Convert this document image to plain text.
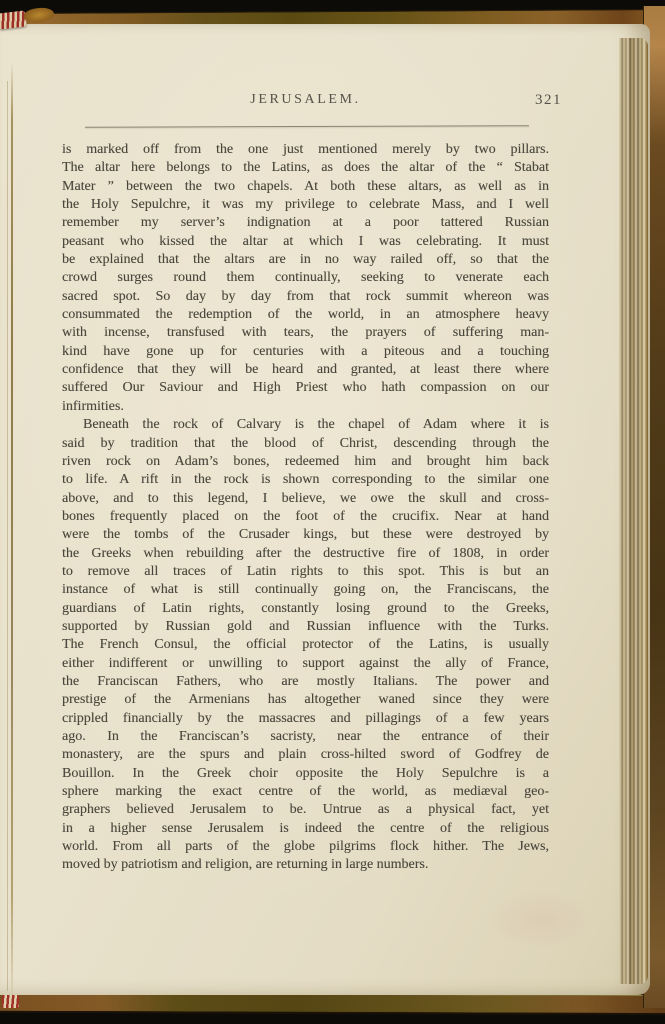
JERUSALEM.	321
is marked off from the one just mentioned merely by two pillars.
The altar here belongs to the Latins, as does the altar of the “ Stabat
Mater ” between the two chapels. At both these altars, as well as in
the Holy Sepulchre, it was my privilege to celebrate Mass, and I well
remember my server’s indignation at a poor tattered Russian
peasant who kissed the altar at which I was celebrating. It must
be explained that the altars are in no way railed off, so that the
crowd surges round them continually, seeking to venerate each
sacred spot. So day by day from that rock summit whereon was
consummated the redemption of the world, in an atmosphere heavy
with incense, transfused with tears, the prayers of suffering man-
kind have gone up for centuries with a piteous and a touching
confidence that they will be heard and granted, at least there where
suffered Our Saviour and High Priest who hath compassion on our
infirmities.
Beneath the rock of Calvary is the chapel of Adam where it is
said by tradition that the blood of Christ, descending through the
riven rock on Adam’s bones, redeemed him and brought him back
to life. A rift in the rock is shown corresponding to the similar one
above, and to this legend, I believe, we owe the skull and cross-
bones frequently placed on the foot of the crucifix. Near at hand
were the tombs of the Crusader kings, but these were destroyed by
the Greeks when rebuilding after the destructive fire of 1808, in order
to remove all traces of Latin rights to this spot. This is but an
instance of what is still continually going on, the Franciscans, the
guardians of Latin rights, constantly losing ground to the Greeks,
supported by Russian gold and Russian influence with the Turks.
The French Consul, the official protector of the Latins, is usually
either indifferent or unwilling to support against the ally of France,
the Franciscan Fathers, who are mostly Italians. The power and
prestige of the Armenians has altogether waned since they were
crippled financially by the massacres and pillagings of a few years
ago. In the Franciscan’s sacristy, near the entrance of their
monastery, are the spurs and plain cross-hilted sword of Godfrey de
Bouillon. In the Greek choir opposite the Holy Sepulchre is a
sphere marking the exact centre of the world, as mediæval geo-
graphers believed Jerusalem to be. Untrue as a physical fact, yet
in a higher sense Jerusalem is indeed the centre of the religious
world. From all parts of the globe pilgrims flock hither. The Jews,
moved by patriotism and religion, are returning in large numbers.
